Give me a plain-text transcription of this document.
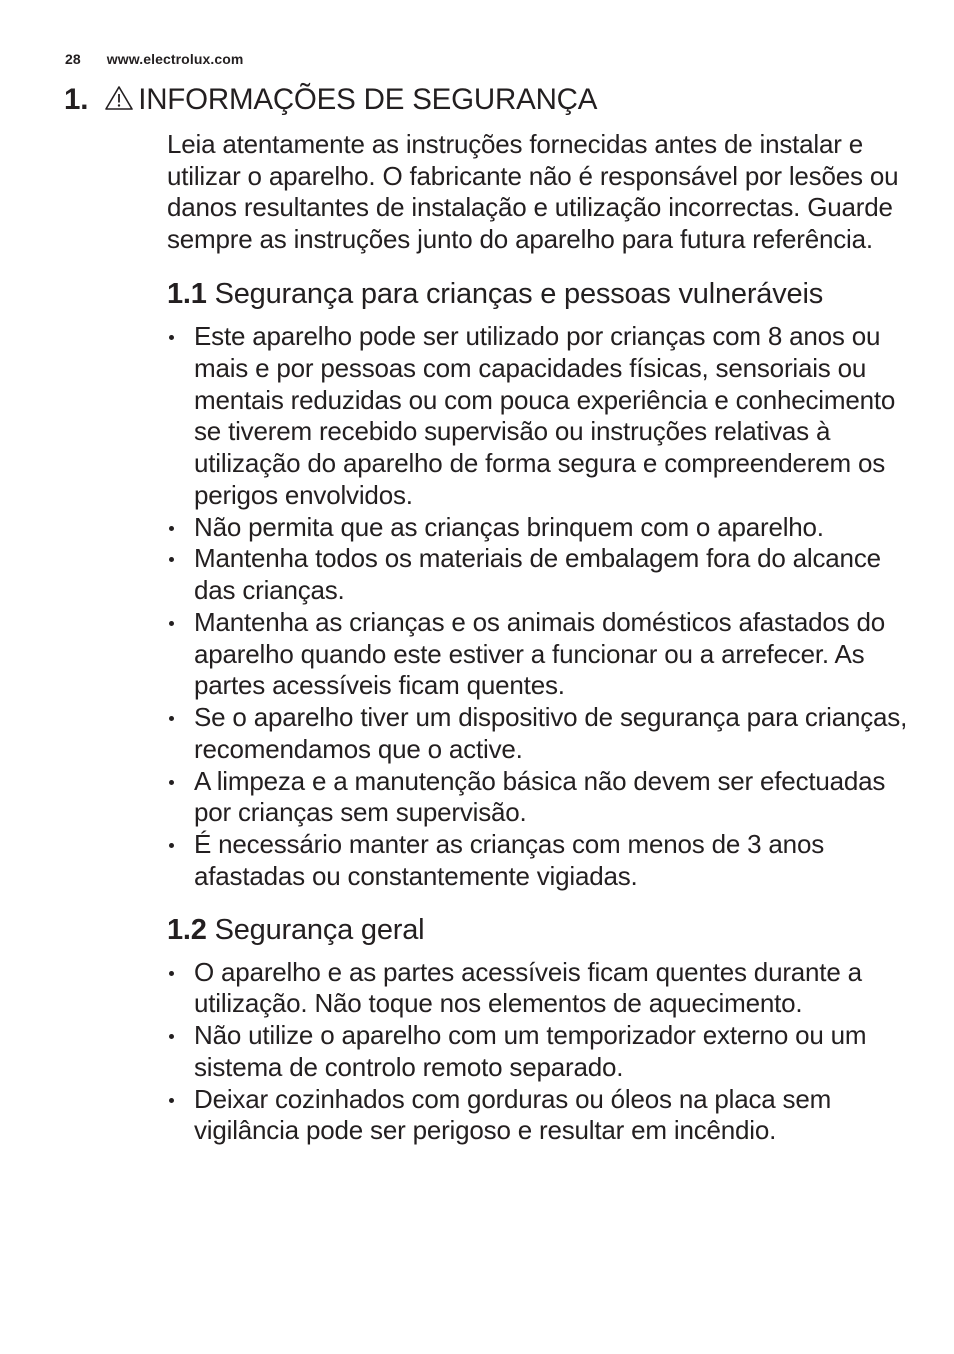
28 www.electrolux.com
1. INFORMAÇÕES DE SEGURANÇA

Leia atentamente as instruções fornecidas antes de instalar e utilizar o aparelho. O fabricante não é responsável por lesões ou danos resultantes de instalação e utilização incorrectas. Guarde sempre as instruções junto do aparelho para futura referência.

1.1 Segurança para crianças e pessoas vulneráveis
Este aparelho pode ser utilizado por crianças com 8 anos ou mais e por pessoas com capacidades físicas, sensoriais ou mentais reduzidas ou com pouca experiência e conhecimento se tiverem recebido supervisão ou instruções relativas à utilização do aparelho de forma segura e compreenderem os perigos envolvidos.
Não permita que as crianças brinquem com o aparelho.
Mantenha todos os materiais de embalagem fora do alcance das crianças.
Mantenha as crianças e os animais domésticos afastados do aparelho quando este estiver a funcionar ou a arrefecer. As partes acessíveis ficam quentes.
Se o aparelho tiver um dispositivo de segurança para crianças, recomendamos que o active.
A limpeza e a manutenção básica não devem ser efectuadas por crianças sem supervisão.
É necessário manter as crianças com menos de 3 anos afastadas ou constantemente vigiadas.
1.2 Segurança geral
O aparelho e as partes acessíveis ficam quentes durante a utilização. Não toque nos elementos de aquecimento.
Não utilize o aparelho com um temporizador externo ou um sistema de controlo remoto separado.
Deixar cozinhados com gorduras ou óleos na placa sem vigilância pode ser perigoso e resultar em incêndio.
